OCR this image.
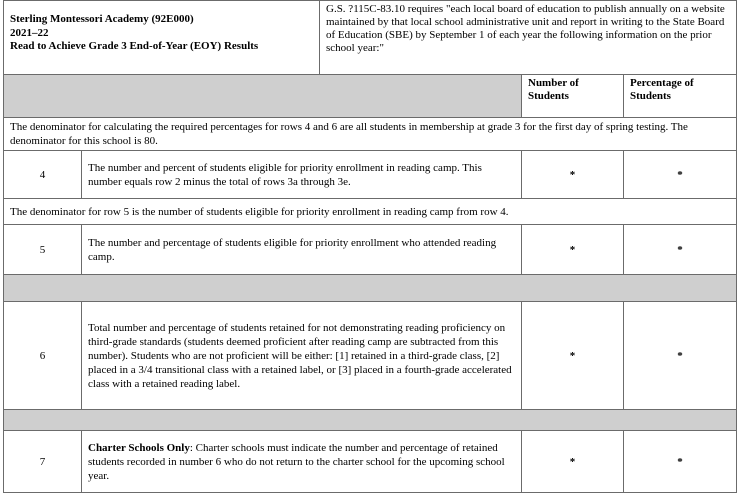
Sterling Montessori Academy (92E000)
2021–22
Read to Achieve Grade 3 End-of-Year (EOY) Results
	G.S. ?115C-83.10 requires "each local board of education to publish annually on a website maintained by that local school administrative unit and report in writing to the State Board of Education (SBE) by September 1 of each year the following information on the prior school year:"
		Number of Students	Percentage of Students
The denominator for calculating the required percentages for rows 4 and 6 are all students in membership at grade 3 for the first day of spring testing. The denominator for this school is 80.			
4	The number and percent of students eligible for priority enrollment in reading camp. This number equals row 2 minus the total of rows 3a through 3e.	*	*
The denominator for row 5 is the number of students eligible for priority enrollment in reading camp from row 4.			
5	The number and percentage of students eligible for priority enrollment who attended reading camp.	*	*

6	Total number and percentage of students retained for not demonstrating reading proficiency on third-grade standards (students deemed proficient after reading camp are subtracted from this number). Students who are not proficient will be either: [1] retained in a third-grade class, [2] placed in a 3/4 transitional class with a retained label, or [3] placed in a fourth-grade accelerated class with a retained reading label.	*	*

7	Charter Schools Only: Charter schools must indicate the number and percentage of retained students recorded in number 6 who do not return to the charter school for the upcoming school year.	*	*
